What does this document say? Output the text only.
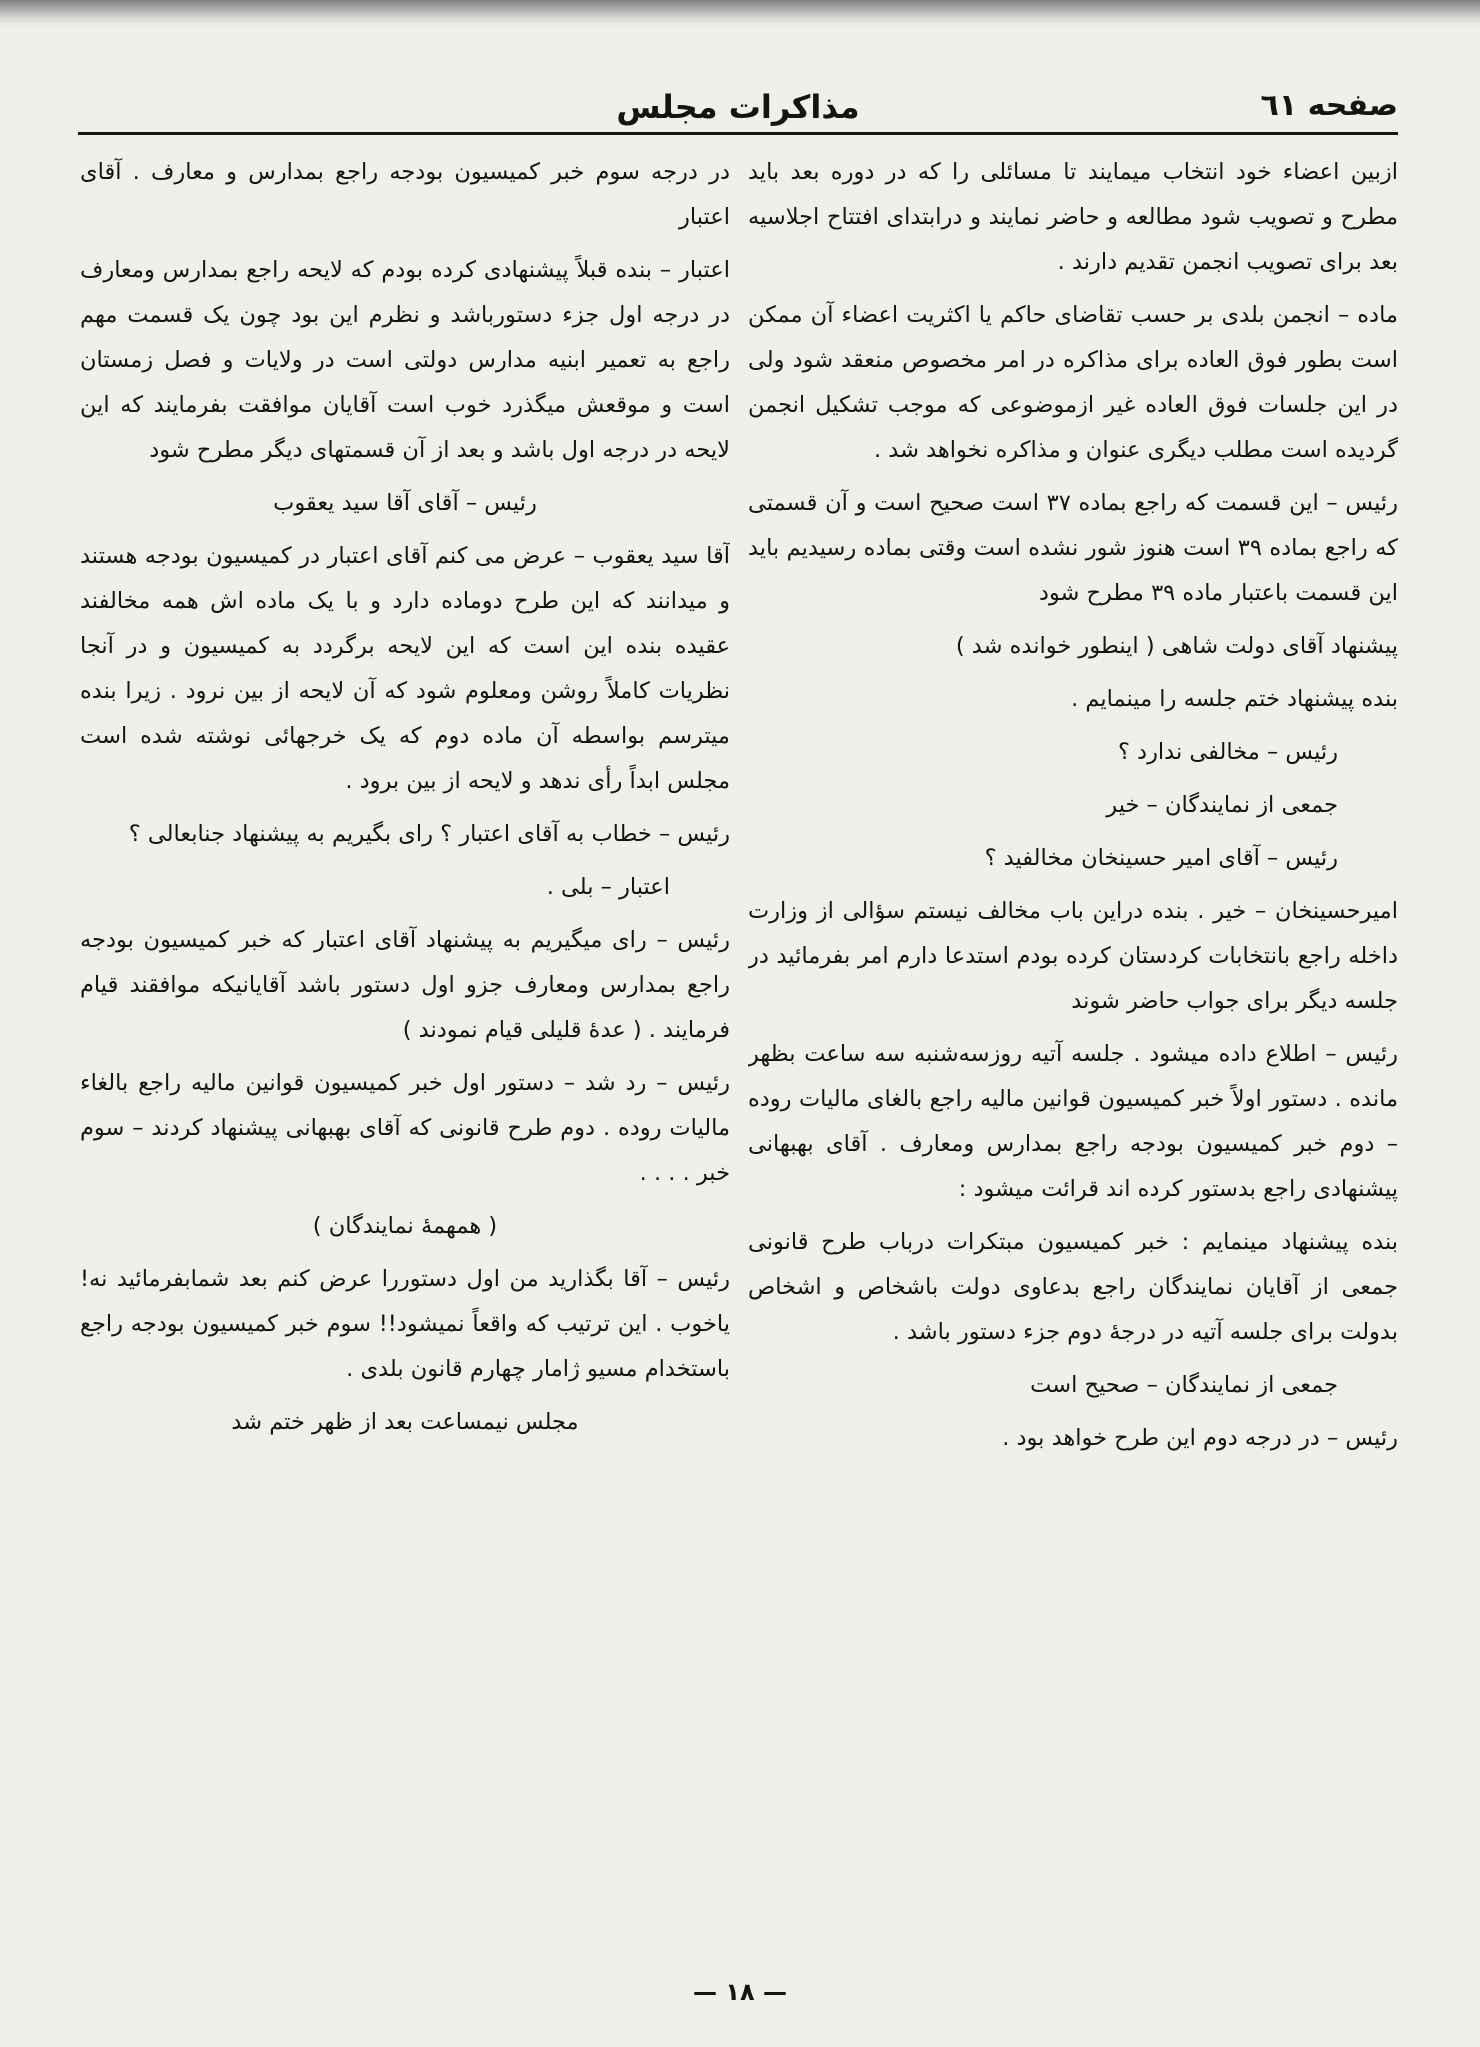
صفحه ٦١
مذاكرات مجلس

ازبین اعضاء خود انتخاب میمایند تا مسائلی را که در دوره بعد باید مطرح و تصویب شود مطالعه و حاضر نمایند و درابتدای افتتاح اجلاسیه بعد برای تصویب انجمن تقدیم دارند .

ماده – انجمن بلدی بر حسب تقاضای حاکم یا اکثریت اعضاء آن ممکن است بطور فوق العاده برای مذاکره در امر مخصوص منعقد شود ولی در این جلسات فوق العاده غیر ازموضوعی که موجب تشکیل انجمن گردیده است مطلب دیگری عنوان و مذاکره نخواهد شد .

رئیس – این قسمت که راجع بماده ۳۷ است صحیح است و آن قسمتی که راجع بماده ۳۹ است هنوز شور نشده است وقتی بماده رسیدیم باید این قسمت باعتبار ماده ۳۹ مطرح شود

پیشنهاد آقای دولت شاهی ( اینطور خوانده شد )

بنده پیشنهاد ختم جلسه را مینمایم .

رئیس – مخالفی ندارد ؟

جمعی از نمایندگان – خیر

رئیس – آقای امیر حسینخان مخالفید ؟

امیرحسینخان – خیر . بنده دراین باب مخالف نیستم سؤالی از وزارت داخله راجع بانتخابات کردستان کرده بودم استدعا دارم امر بفرمائید در جلسه دیگر برای جواب حاضر شوند

رئیس – اطلاع داده میشود . جلسه آتیه روزسه‌شنبه سه ساعت بظهر مانده . دستور اولاً خبر کمیسیون قوانین مالیه راجع بالغای مالیات روده – دوم خبر کمیسیون بودجه راجع بمدارس ومعارف . آقای بهبهانی پیشنهادی راجع بدستور کرده اند قرائت میشود :

بنده پیشنهاد مینمایم : خبر کمیسیون مبتکرات درباب طرح قانونی جمعی از آقایان نمایندگان راجع بدعاوی دولت باشخاص و اشخاص بدولت برای جلسه آتیه در درجهٔ دوم جزء دستور باشد .

جمعی از نمایندگان – صحیح است

رئیس – در درجه دوم این طرح خواهد بود .

در درجه سوم خبر کمیسیون بودجه راجع بمدارس و معارف . آقای اعتبار

اعتبار – بنده قبلاً پیشنهادی کرده بودم که لایحه راجع بمدارس ومعارف در درجه اول جزء دستورباشد و نظرم این بود چون یک قسمت مهم راجع به تعمیر ابنیه مدارس دولتی است در ولایات و فصل زمستان است و موقعش میگذرد خوب است آقایان موافقت بفرمایند که این لایحه در درجه اول باشد و بعد از آن قسمتهای دیگر مطرح شود

رئیس – آقای آقا سید یعقوب

آقا سید یعقوب – عرض می کنم آقای اعتبار در کمیسیون بودجه هستند و میدانند که این طرح دوماده دارد و با یک ماده اش همه مخالفند عقیده بنده این است که این لایحه برگردد به کمیسیون و در آنجا نظریات کاملاً روشن ومعلوم شود که آن لایحه از بین نرود . زیرا بنده میترسم بواسطه آن ماده دوم که یک خرجهائی نوشته شده است مجلس ابداً رأی ندهد و لایحه از بین برود .

رئیس – خطاب به آقای اعتبار ؟ رای بگیریم به پیشنهاد جنابعالی ؟

اعتبار – بلی .

رئیس – رای میگیریم به پیشنهاد آقای اعتبار که خبر کمیسیون بودجه راجع بمدارس ومعارف جزو اول دستور باشد آقایانیکه موافقند قیام فرمایند . ( عدهٔ قلیلی قیام نمودند )

رئیس – رد شد – دستور اول خبر کمیسیون قوانین مالیه راجع بالغاء مالیات روده . دوم طرح قانونی که آقای بهبهانی پیشنهاد کردند – سوم خبر . . . .

( همهمهٔ نمایندگان )

رئیس – آقا بگذارید من اول دستوررا عرض کنم بعد شمابفرمائید نه! یاخوب . این ترتیب که واقعاً نمیشود!! سوم خبر کمیسیون بودجه راجع باستخدام مسیو ژامار چهارم قانون بلدی .

مجلس نیمساعت بعد از ظهر ختم شد

— ١٨ —
